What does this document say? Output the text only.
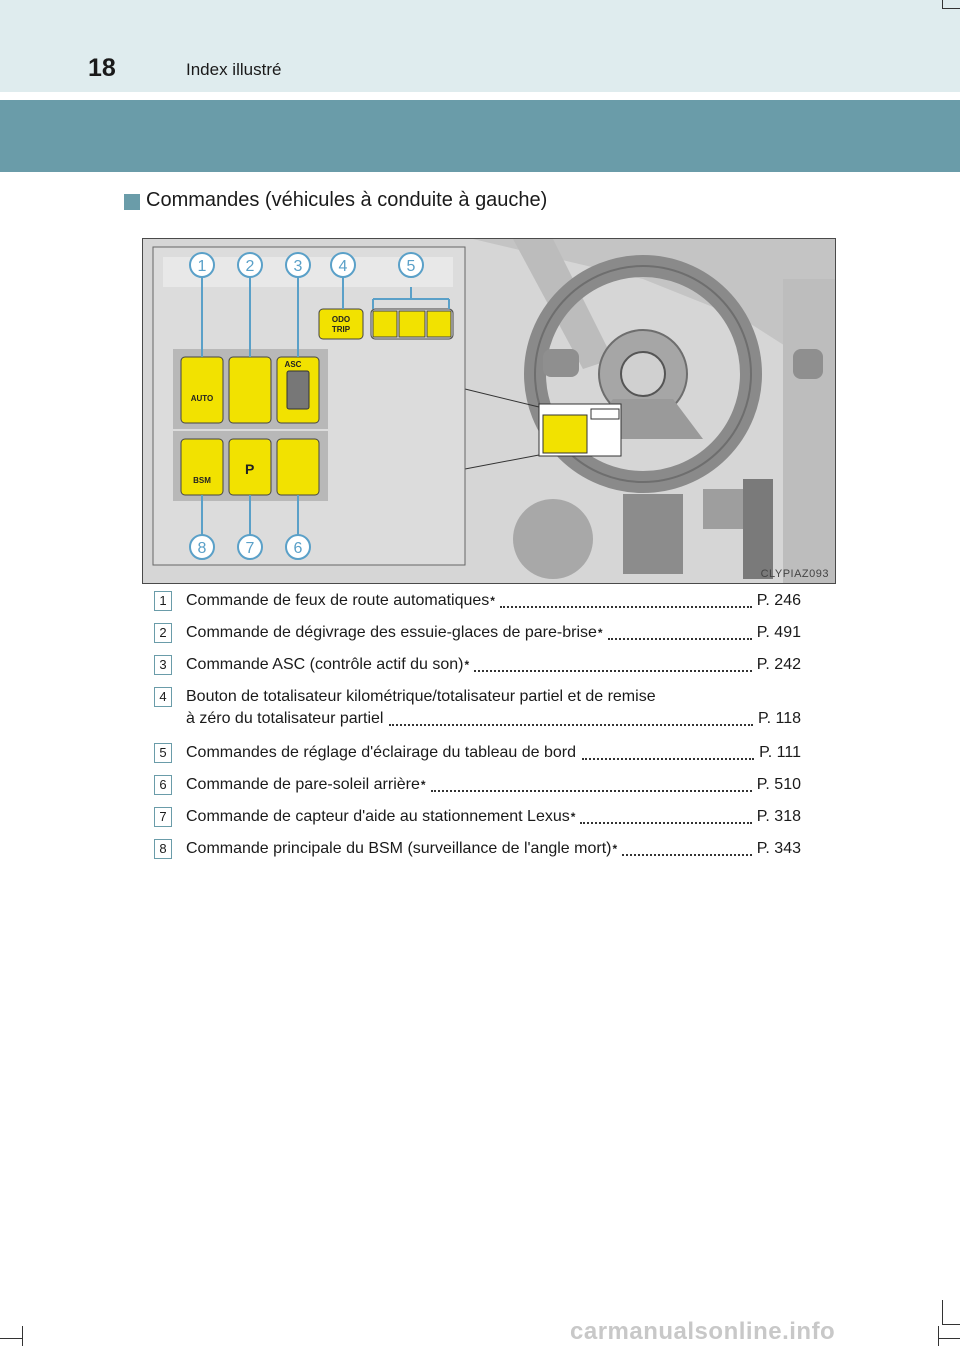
18	Index illustré
Commandes (véhicules à conduite à gauche)
1 2 3 4	5
8 7 6
AUTO
ASC
BSM
ODO
TRIP
P
CLYPIAZ093
1	Commande de feux de route automatiques *	P. 246
2	Commande de dégivrage des essuie-glaces de pare-brise *	P. 491
3	Commande ASC (contrôle actif du son) *	P. 242
4	Bouton de totalisateur kilométrique/totalisateur partiel et de remise
à zéro du totalisateur partiel	P. 118
5	Commandes de réglage d'éclairage du tableau de bord	P. 111
6	Commande de pare-soleil arrière *	P. 510
7	Commande de capteur d'aide au stationnement Lexus *	P. 318
8	Commande principale du BSM (surveillance de l'angle mort) *	P. 343
carmanualsonline.info
